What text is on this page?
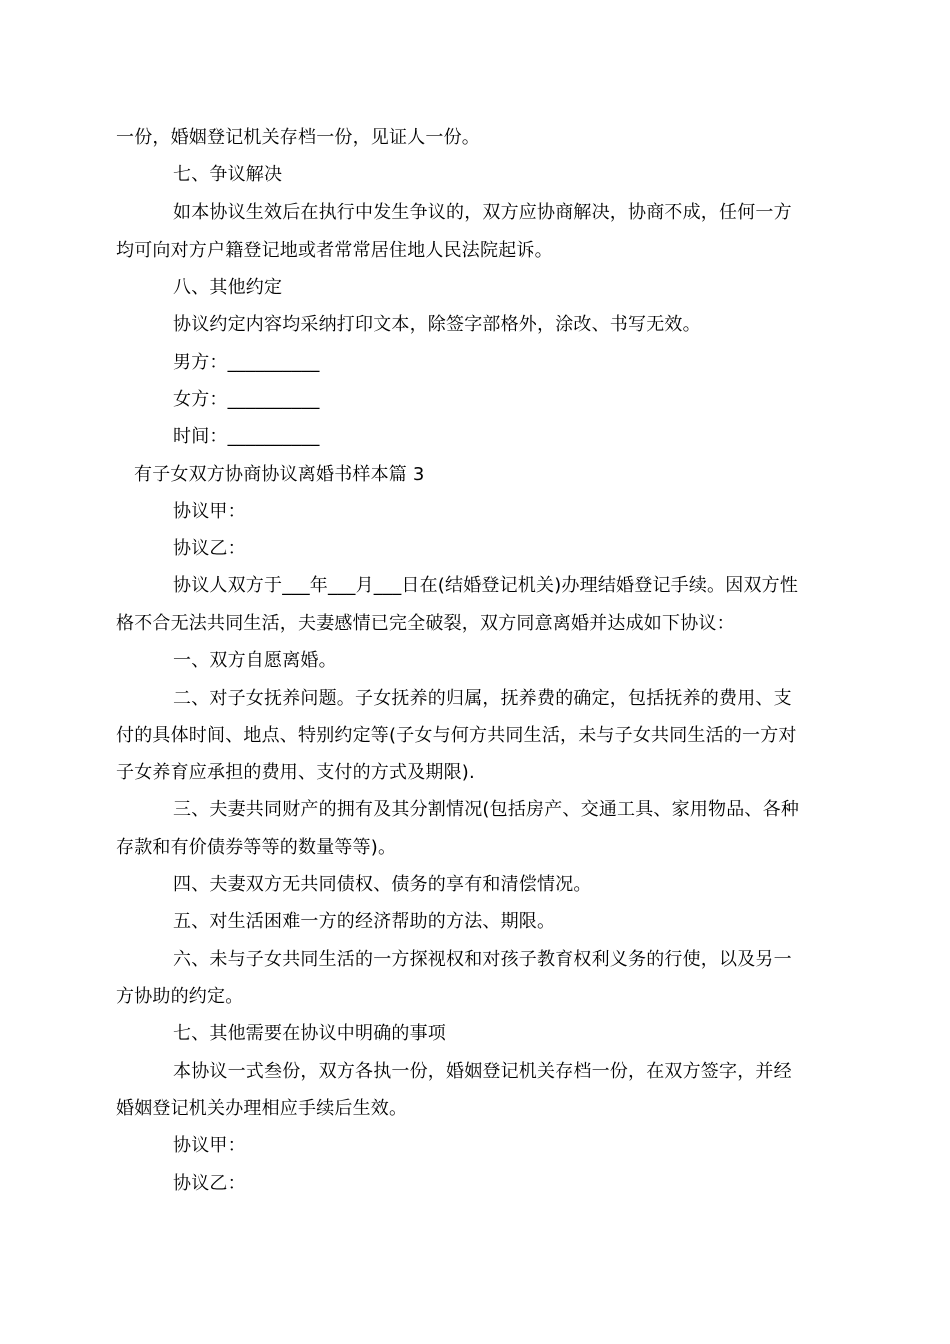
一份，婚姻登记机关存档一份，见证人一份。
七、争议解决
如本协议生效后在执行中发生争议的，双方应协商解决，协商不成，任何一方
均可向对方户籍登记地或者常常居住地人民法院起诉。
八、其他约定
协议约定内容均采纳打印文本，除签字部格外，涂改、书写无效。
男方：__________
女方：__________
时间：__________
有子女双方协商协议离婚书样本篇 3
协议甲：
协议乙：
协议人双方于___年___月___日在(结婚登记机关)办理结婚登记手续。因双方性
格不合无法共同生活，夫妻感情已完全破裂，双方同意离婚并达成如下协议：
一、双方自愿离婚。
二、对子女抚养问题。子女抚养的归属，抚养费的确定，包括抚养的费用、支
付的具体时间、地点、特别约定等(子女与何方共同生活，未与子女共同生活的一方对
子女养育应承担的费用、支付的方式及期限).
三、夫妻共同财产的拥有及其分割情况(包括房产、交通工具、家用物品、各种
存款和有价债券等等的数量等等)。
四、夫妻双方无共同债权、债务的享有和清偿情况。
五、对生活困难一方的经济帮助的方法、期限。
六、未与子女共同生活的一方探视权和对孩子教育权利义务的行使，以及另一
方协助的约定。
七、其他需要在协议中明确的事项
本协议一式叁份，双方各执一份，婚姻登记机关存档一份，在双方签字，并经
婚姻登记机关办理相应手续后生效。
协议甲：
协议乙：
